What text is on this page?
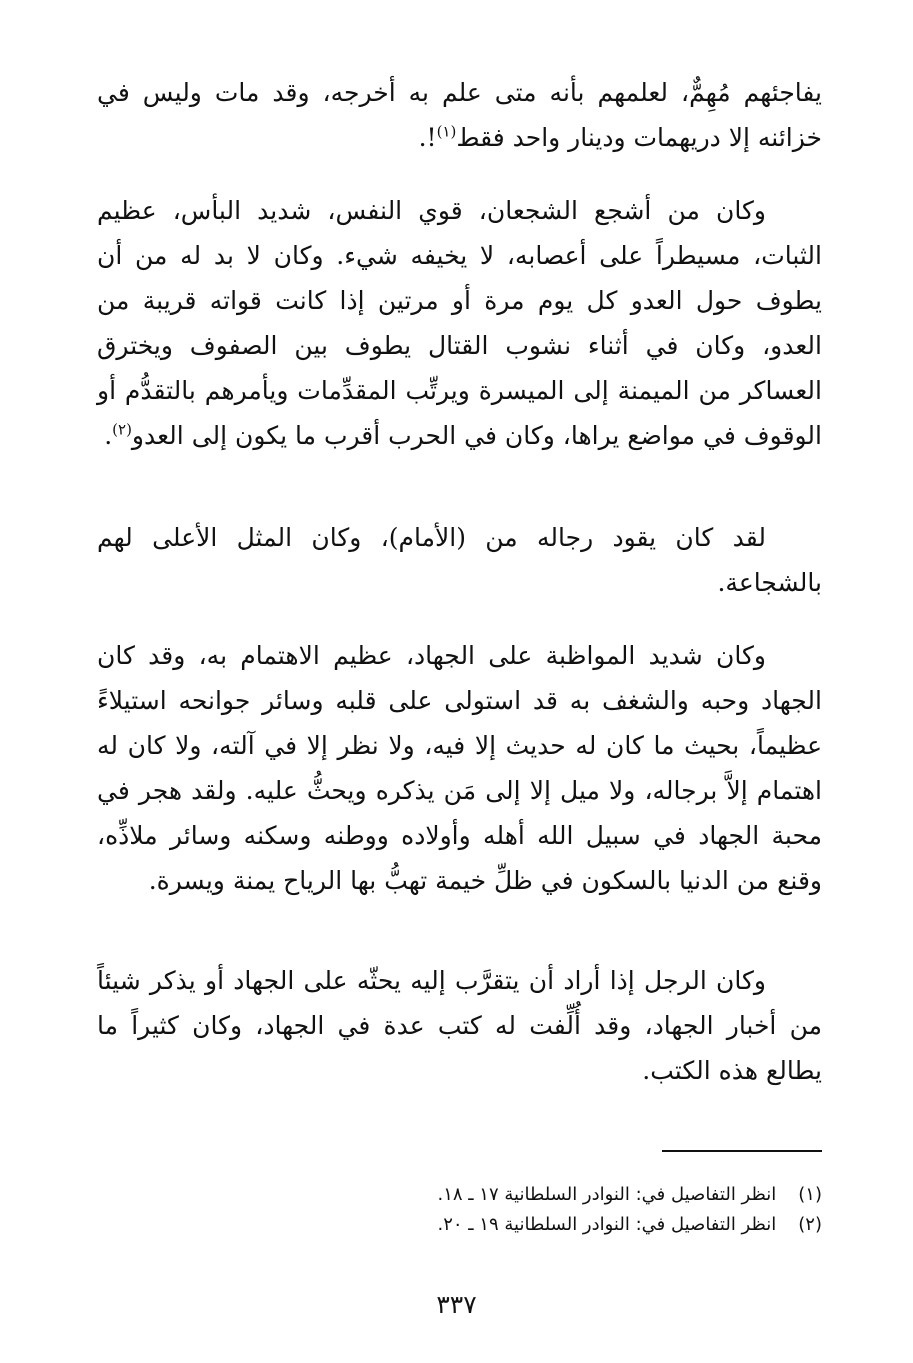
يفاجئهم مُهِمٌّ، لعلمهم بأنه متى علم به أخرجه، وقد مات وليس في خزائنه إلا دريهمات ودينار واحد فقط$^{(١)}$!.

وكان من أشجع الشجعان، قوي النفس، شديد البأس، عظيم الثبات، مسيطراً على أعصابه، لا يخيفه شيء. وكان لا بد له من أن يطوف حول العدو كل يوم مرة أو مرتين إذا كانت قواته قريبة من العدو، وكان في أثناء نشوب القتال يطوف بين الصفوف ويخترق العساكر من الميمنة إلى الميسرة ويرتِّب المقدِّمات ويأمرهم بالتقدُّم أو الوقوف في مواضع يراها، وكان في الحرب أقرب ما يكون إلى العدو$^{(٢)}$.

لقد كان يقود رجاله من (الأمام)، وكان المثل الأعلى لهم بالشجاعة.

وكان شديد المواظبة على الجهاد، عظيم الاهتمام به، وقد كان الجهاد وحبه والشغف به قد استولى على قلبه وسائر جوانحه استيلاءً عظيماً، بحيث ما كان له حديث إلا فيه، ولا نظر إلا في آلته، ولا كان له اهتمام إلاَّ برجاله، ولا ميل إلا إلى مَن يذكره ويحثُّ عليه. ولقد هجر في محبة الجهاد في سبيل الله أهله وأولاده ووطنه وسكنه وسائر ملاذِّه، وقنع من الدنيا بالسكون في ظلِّ خيمة تهبُّ بها الرياح يمنة ويسرة.

وكان الرجل إذا أراد أن يتقرَّب إليه يحثّه على الجهاد أو يذكر شيئاً من أخبار الجهاد، وقد أُلِّفت له كتب عدة في الجهاد، وكان كثيراً ما يطالع هذه الكتب.

(١) انظر التفاصيل في: النوادر السلطانية ١٧ ـ ١٨.
(٢) انظر التفاصيل في: النوادر السلطانية ١٩ ـ ٢٠.
٣٣٧
